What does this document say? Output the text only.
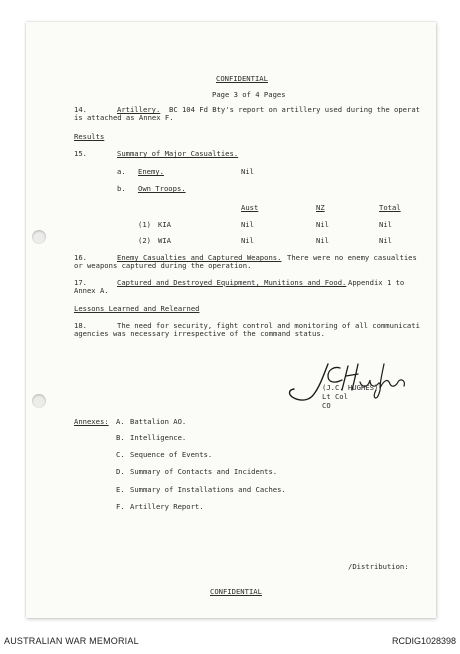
CONFIDENTIAL
Page 3 of 4 Pages
14.	Artillery. BC 104 Fd Bty's report on artillery used during the operat
is attached as Annex F.
Results
15.	Summary of Major Casualties.
a. Enemy.	Nil
b. Own Troops.
Aust	NZ	Total
(1) KIA	Nil	Nil	Nil
(2) WIA	Nil	Nil	Nil
16.	Enemy Casualties and Captured Weapons. There were no enemy casualties
or weapons captured during the operation.
17.	Captured and Destroyed Equipment, Munitions and Food. Appendix 1 to
Annex A.
Lessons Learned and Relearned
18.	The need for security, fight control and monitoring of all communicati
agencies was necessary irrespective of the command status.
(J.C. HUGHES)
Lt Col
CO
Annexes: A. Battalion AO.
B. Intelligence.
C. Sequence of Events.
D. Summary of Contacts and Incidents.
E. Summary of Installations and Caches.
F. Artillery Report.
/Distribution:
CONFIDENTIAL
AUSTRALIAN WAR MEMORIAL	RCDIG1028398
